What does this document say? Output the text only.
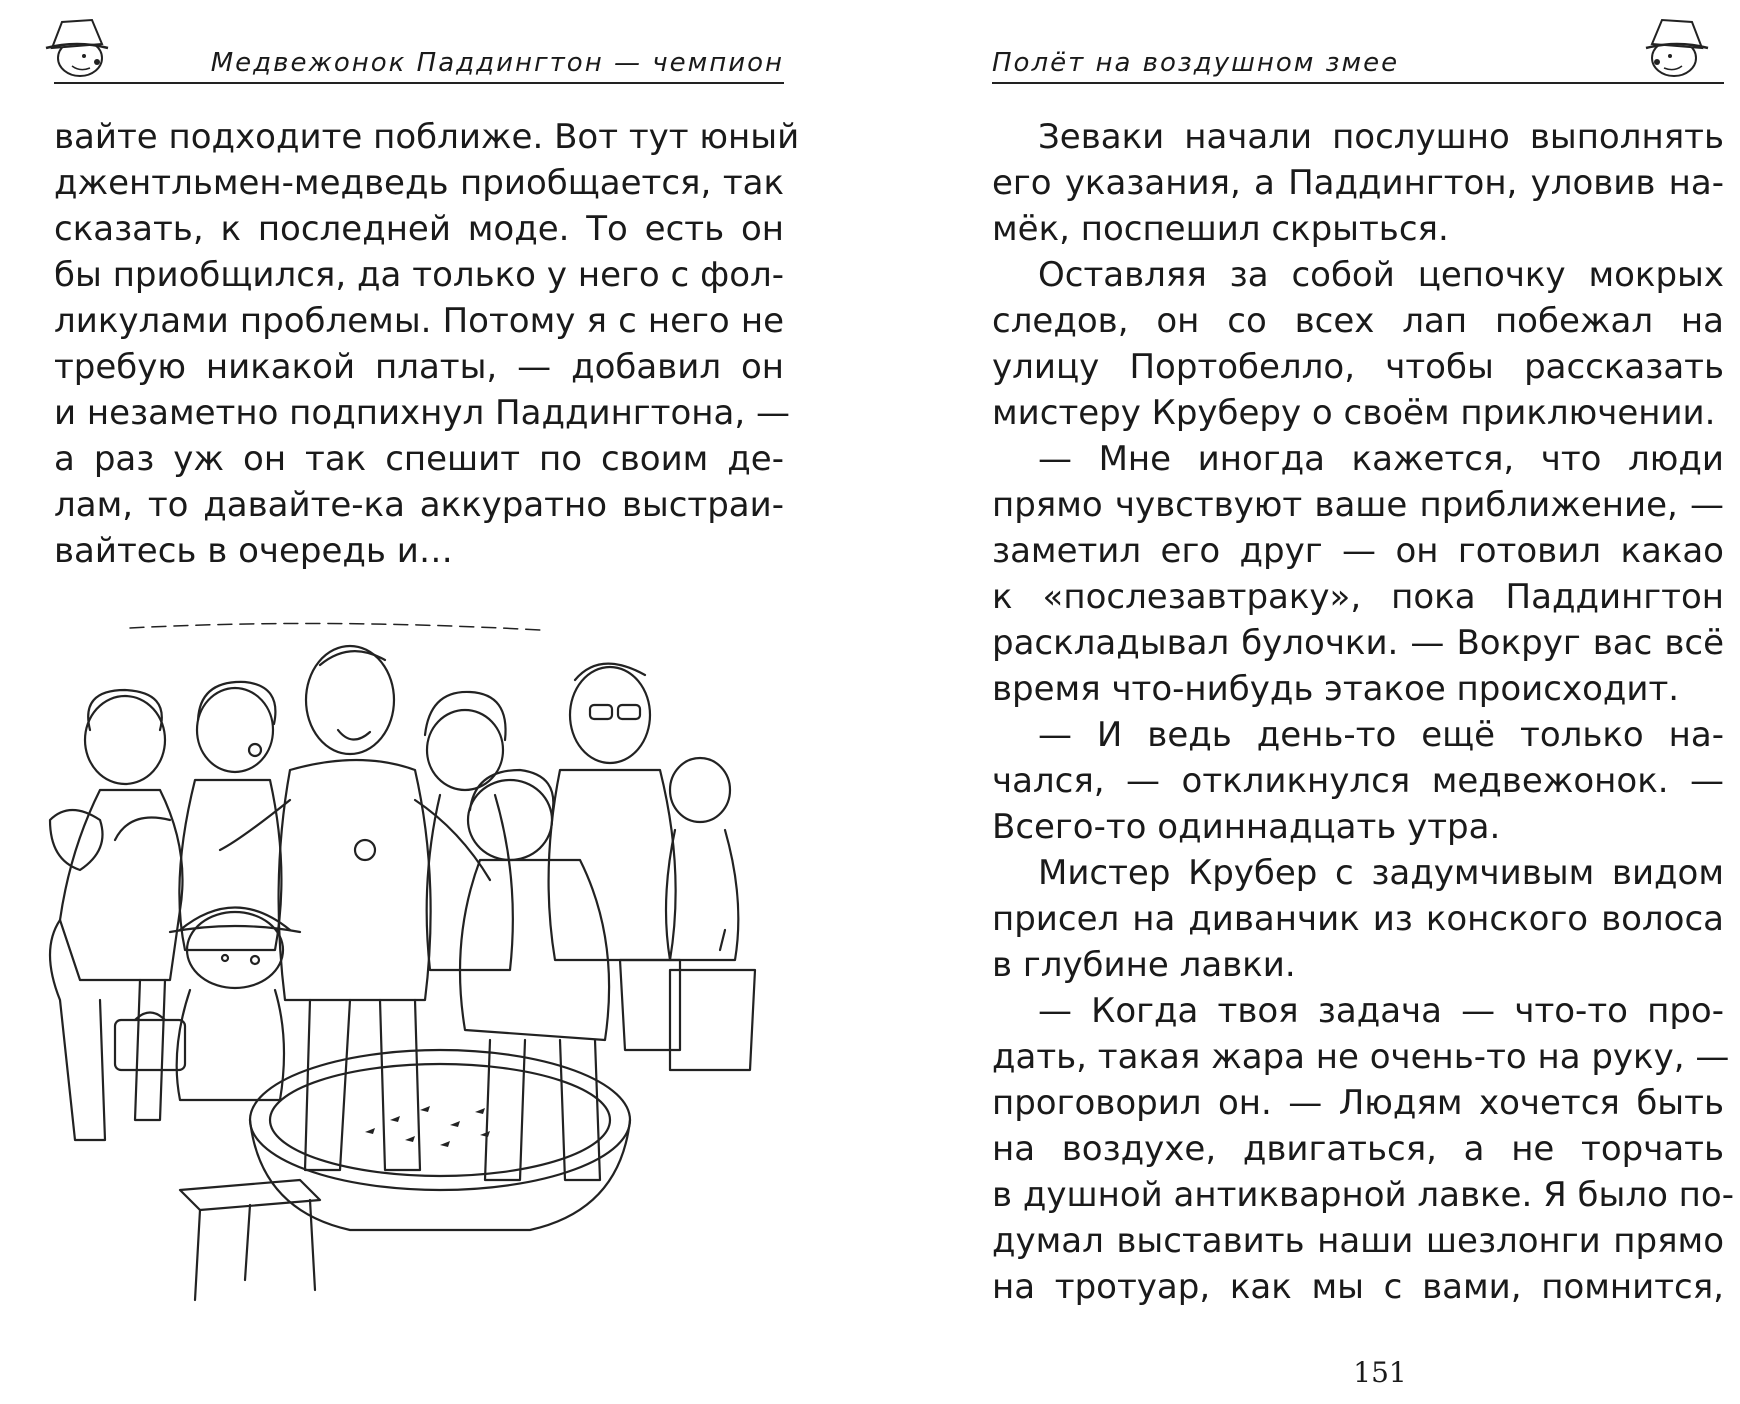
Медвежонок Паддингтон — чемпион
вайте подходите поближе. Вот тут юный
джентльмен-медведь приобщается, так
сказать, к последней моде. То есть он
бы приобщился, да только у него с фол-
ликулами проблемы. Потому я с него не
требую никакой платы, — добавил он
и незаметно подпихнул Паддингтона, —
а раз уж он так спешит по своим де-
лам, то давайте-ка аккуратно выстраи-
вайтесь в очередь и…
Полёт на воздушном змее
Зеваки начали послушно выполнять
его указания, а Паддингтон, уловив на-
мёк, поспешил скрыться.
Оставляя за собой цепочку мокрых
следов, он со всех лап побежал на
улицу Портобелло, чтобы рассказать
мистеру Круберу о своём приключении.
— Мне иногда кажется, что люди
прямо чувствуют ваше приближение, —
заметил его друг — он готовил какао
к «послезавтраку», пока Паддингтон
раскладывал булочки. — Вокруг вас всё
время что-нибудь этакое происходит.
— И ведь день-то ещё только на-
чался, — откликнулся медвежонок. —
Всего-то одиннадцать утра.
Мистер Крубер с задумчивым видом
присел на диванчик из конского волоса
в глубине лавки.
— Когда твоя задача — что-то про-
дать, такая жара не очень-то на руку, —
проговорил он. — Людям хочется быть
на воздухе, двигаться, а не торчать
в душной антикварной лавке. Я было по-
думал выставить наши шезлонги прямо
на тротуар, как мы с вами, помнится,
151
